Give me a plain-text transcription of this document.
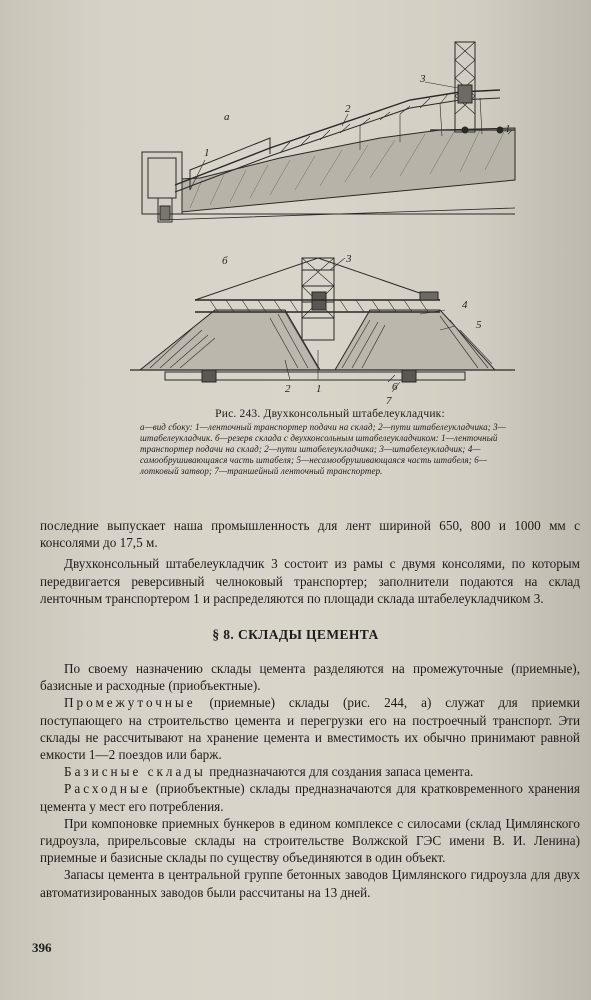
а
1
2
3
1
б	3
4
5
6
7
2 1
Рис. 243. Двухконсольный штабелеукладчик:
а—вид сбоку: 1—ленточный транспортер подачи на склад; 2—пути штабелеукладчика; 3—штабелеукладчик. б—резерв склада с двухконсольным штабелеукладчиком: 1—ленточный транспортер подачи на склад; 2—пути штабелеукладчика; 3—штабелеукладчик; 4—самообрушивающаяся часть штабеля; 5—несамообрушивающаяся часть штабеля; 6—лотковый затвор; 7—траншейный ленточный транспортер.

последние выпускает наша промышленность для лент шириной 650, 800 и 1000 мм с консолями до 17,5 м.

Двухконсольный штабелеукладчик 3 состоит из рамы с двумя консолями, по которым передвигается реверсивный челноковый транспортер; заполнители подаются на склад ленточным транспортером 1 и распределяются по площади склада штабелеукладчиком 3.

§ 8. СКЛАДЫ ЦЕМЕНТА

По своему назначению склады цемента разделяются на промежуточные (приемные), базисные и расходные (приобъектные).

Промежуточные (приемные) склады (рис. 244, а) служат для приемки поступающего на строительство цемента и перегрузки его на построечный транспорт. Эти склады не рассчитывают на хранение цемента и вместимость их обычно принимают равной емкости 1—2 поездов или барж.

Базисные склады предназначаются для создания запаса цемента.

Расходные (приобъектные) склады предназначаются для кратковременного хранения цемента у мест его потребления.

При компоновке приемных бункеров в едином комплексе с силосами (склад Цимлянского гидроузла, прирельсовые склады на строительстве Волжской ГЭС имени В. И. Ленина) приемные и базисные склады по существу объединяются в один объект.

Запасы цемента в центральной группе бетонных заводов Цимлянского гидроузла для двух автоматизированных заводов были рассчитаны на 13 дней.

396
